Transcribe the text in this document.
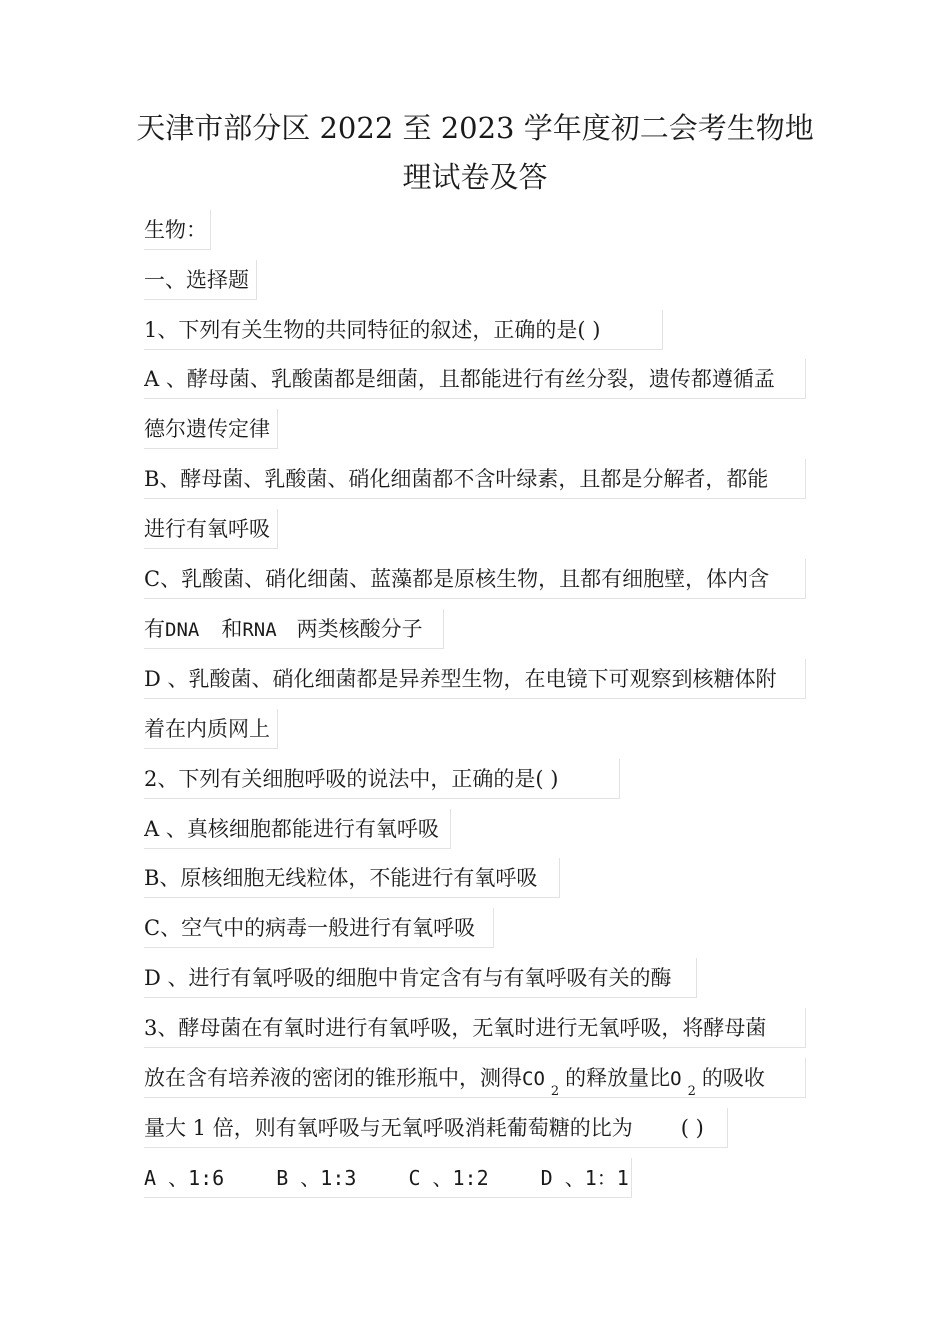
天津市部分区 2022 至 2023 学年度初二会考生物地
理试卷及答
生物：
一、选择题
1、下列有关生物的共同特征的叙述，正确的是( )
A 、酵母菌、乳酸菌都是细菌，且都能进行有丝分裂，遗传都遵循孟
德尔遗传定律
B、酵母菌、乳酸菌、硝化细菌都不含叶绿素，且都是分解者，都能
进行有氧呼吸
C、乳酸菌、硝化细菌、蓝藻都是原核生物，且都有细胞壁，体内含
有DNA 和RNA 两类核酸分子
D 、乳酸菌、硝化细菌都是异养型生物，在电镜下可观察到核糖体附
着在内质网上
2、下列有关细胞呼吸的说法中，正确的是( )
A 、真核细胞都能进行有氧呼吸
B、原核细胞无线粒体，不能进行有氧呼吸
C、空气中的病毒一般进行有氧呼吸
D 、进行有氧呼吸的细胞中肯定含有与有氧呼吸有关的酶
3、酵母菌在有氧时进行有氧呼吸，无氧时进行无氧呼吸，将酵母菌
放在含有培养液的密闭的锥形瓶中，测得$CO_2$的释放量比$O_2$的吸收
量大 1 倍，则有氧呼吸与无氧呼吸消耗葡萄糖的比为 ( )
A 、1:6	B 、1:3	C 、1:2	D 、1：1
